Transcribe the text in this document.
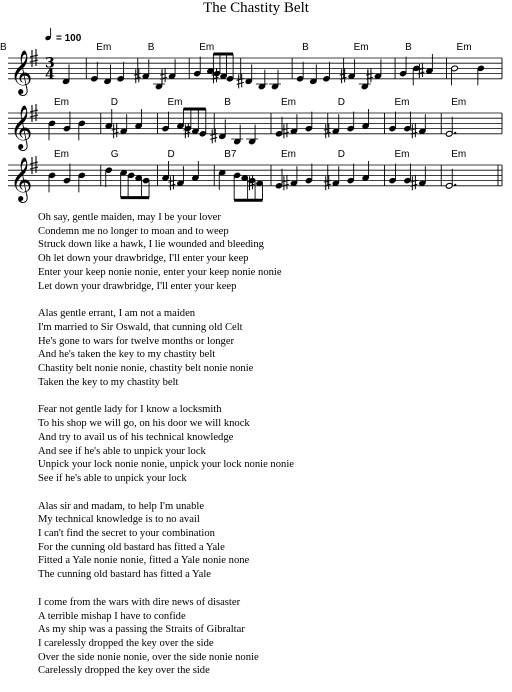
The Chastity Belt
3
4
= 100
Em	B	Em	B	Em	B	Em
B
𝄞
Em	D	Em	B	Em	D	Em	Em
𝄞
Em	G	D	B7	Em	D	Em	Em
𝄞
Oh say, gentle maiden, may I be your lover
Condemn me no longer to moan and to weep
Struck down like a hawk, I lie wounded and bleeding
Oh let down your drawbridge, I'll enter your keep
Enter your keep nonie nonie, enter your keep nonie nonie
Let down your drawbridge, I'll enter your keep
Alas gentle errant, I am not a maiden
I'm married to Sir Oswald, that cunning old Celt
He's gone to wars for twelve months or longer
And he's taken the key to my chastity belt
Chastity belt nonie nonie, chastity belt nonie nonie
Taken the key to my chastity belt
Fear not gentle lady for I know a locksmith
To his shop we will go, on his door we will knock
And try to avail us of his technical knowledge
And see if he's able to unpick your lock
Unpick your lock nonie nonie, unpick your lock nonie nonie
See if he's able to unpick your lock
Alas sir and madam, to help I'm unable
My technical knowledge is to no avail
I can't find the secret to your combination
For the cunning old bastard has fitted a Yale
Fitted a Yale nonie nonie, fitted a Yale nonie none
The cunning old bastard has fitted a Yale
I come from the wars with dire news of disaster
A terrible mishap I have to confide
As my ship was a passing the Straits of Gibraltar
I carelessly dropped the key over the side
Over the side nonie nonie, over the side nonie nonie
Carelessly dropped the key over the side
